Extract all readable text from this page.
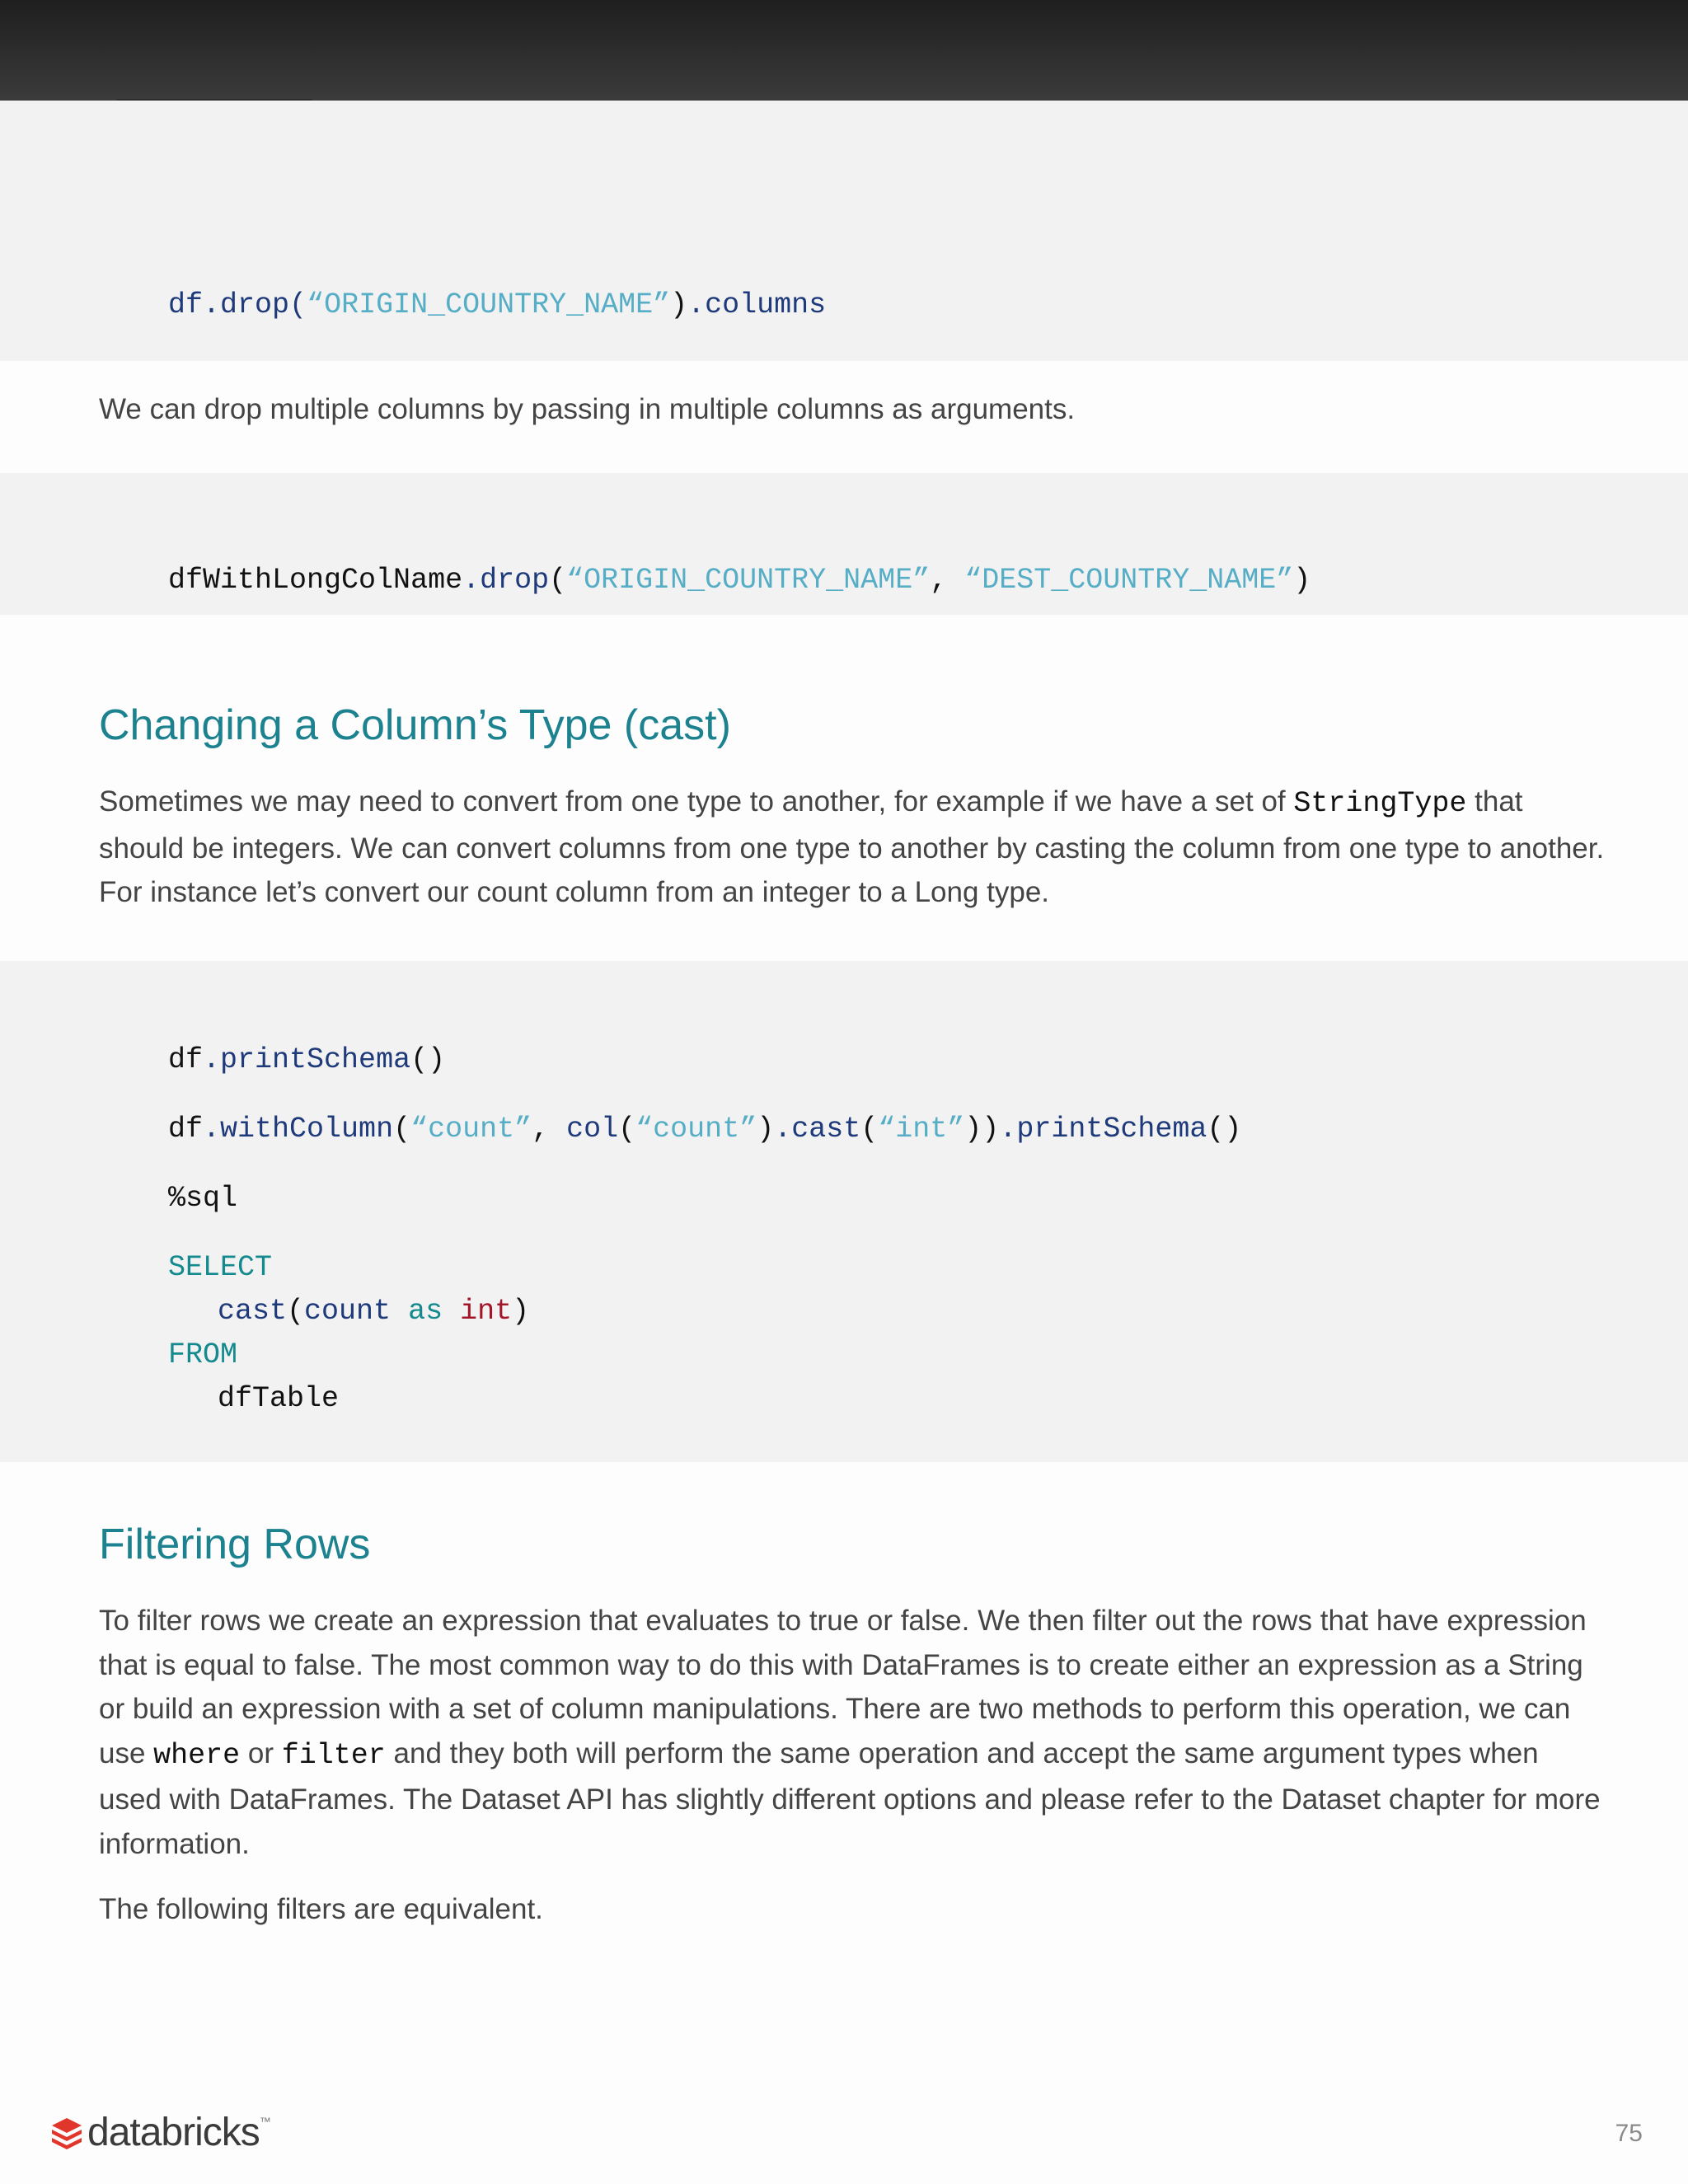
df.drop(“ORIGIN_COUNTRY_NAME”).columns

We can drop multiple columns by passing in multiple columns as arguments.

dfWithLongColName.drop(“ORIGIN_COUNTRY_NAME”, “DEST_COUNTRY_NAME”)

Changing a Column’s Type (cast)

Sometimes we may need to convert from one type to another, for example if we have a set of StringType that should be integers. We can convert columns from one type to another by casting the column from one type to another. For instance let’s convert our count column from an integer to a Long type.

df.printSchema()

df.withColumn(“count”, col(“count”).cast(“int”)).printSchema()

%sql

SELECT

cast(count as int)

FROM

dfTable

Filtering Rows

To filter rows we create an expression that evaluates to true or false. We then filter out the rows that have expression that is equal to false. The most common way to do this with DataFrames is to create either an expression as a String or build an expression with a set of column manipulations. There are two methods to perform this operation, we can use where or filter and they both will perform the same operation and accept the same argument types when used with DataFrames. The Dataset API has slightly different options and please refer to the Dataset chapter for more information.

The following filters are equivalent.

databricks ™	75
